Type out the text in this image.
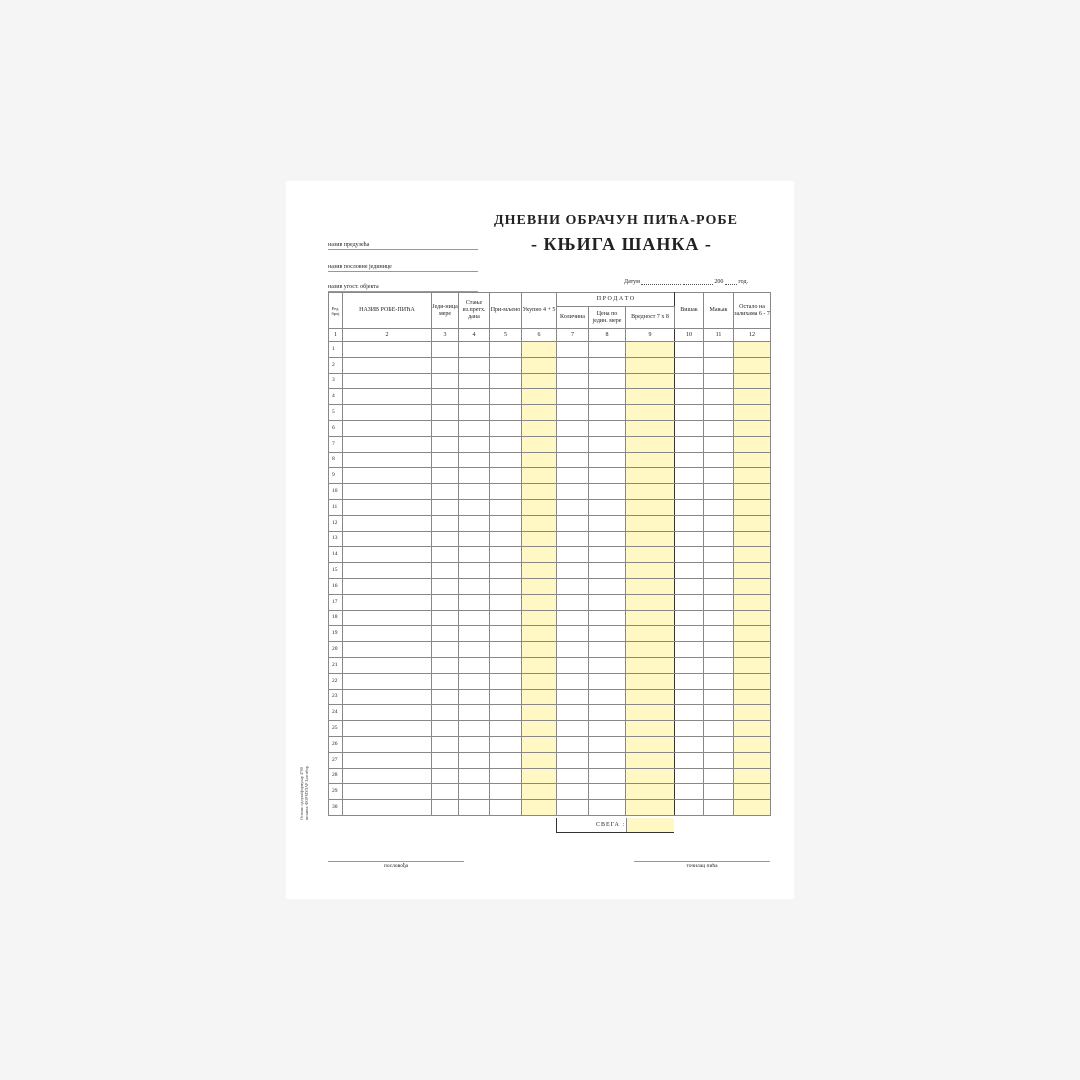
ДНЕВНИ ОБРАЧУН ПИЋА-РОБЕ
- КЊИГА ШАНКА -
назив предузећа
назив пословне јединице
назив угост. објекта
Датум	200	год.
Основа: одлука/формулар 4700 штампа: ФОРМУЛАР Златибор
Ред. број	НАЗИВ РОБЕ-ПИЋА	Једи-ница мере	Стање из.претх. дана	При-мљено	Укупно 4 + 5	П Р О Д А Т О			Вишак	Мањак	Остало на залихама 6 - 7
						Количина	Цена по једин. мере	Вредност 7 x 8			
1	2	3	4	5	6	7	8	9	10	11	12
1											
2											
3											
4											
5											
6											
7											
8											
9											
10											
11											
12											
13											
14											
15											
16											
17											
18											
19											
20											
21											
22											
23											
24											
25											
26											
27											
28											
29											
30											
СВЕГА :
пословођа	точилац пића
